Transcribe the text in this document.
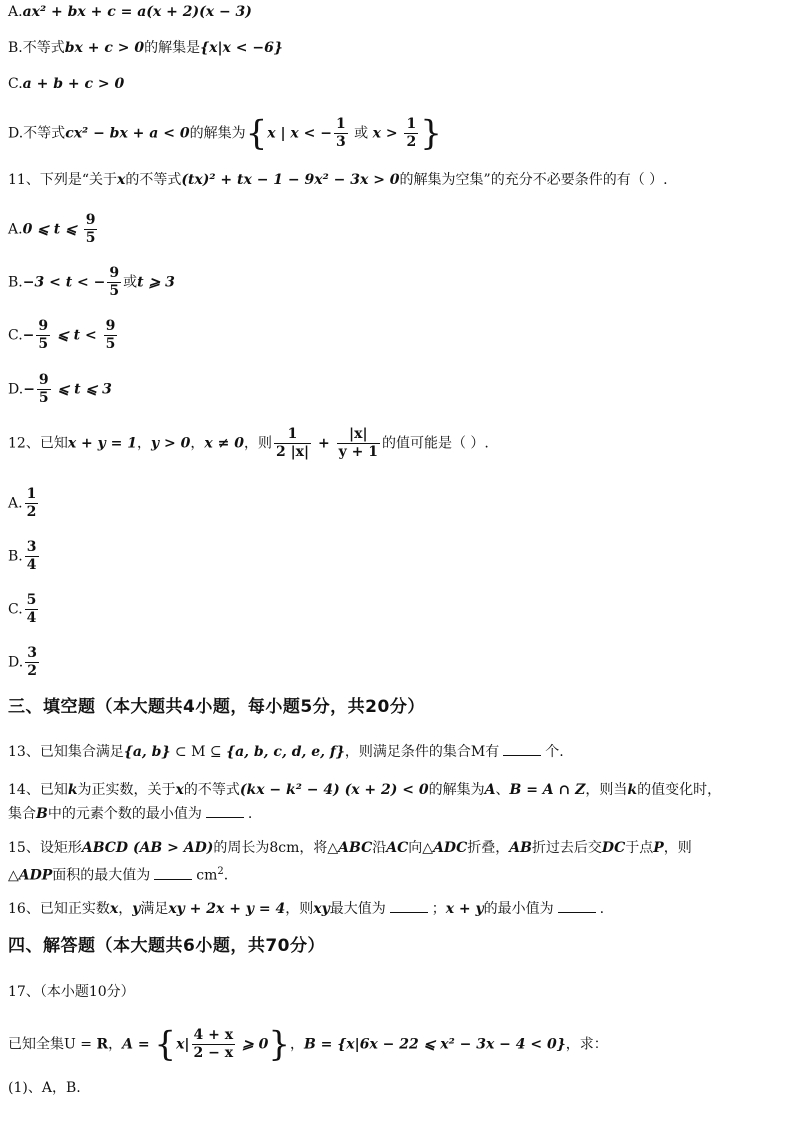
A.ax² + bx + c = a(x + 2)(x − 3)
B.不等式bx + c > 0的解集是{x|x < −6}
C.a + b + c > 0
D.不等式cx² − bx + a < 0的解集为{x | x < − $\frac{1}{3}$ 或 $x > \frac{1}{2}$ }
11、下列是“关于x的不等式(tx)² + tx − 1 − 9x² − 3x > 0的解集为空集”的充分不必要条件的有（ ）.
A.0 ⩽ t ⩽ $\frac{9}{5}$
B.−3 < t < − $\frac{9}{5}$ 或t ⩾ 3
$C.- \frac{9}{5}$ ⩽ $t < \frac{9}{5}$
$D.- \frac{9}{5}$ ⩽ t ⩽ 3
12、已知x + y = 1，y > 0，x ≠ 0，则 $\frac{1}{2 |x|} + \frac{|x|}{y + 1}$ 的值可能是（ ）.
A. $\frac{1}{2}$
B. $\frac{3}{4}$
C. $\frac{5}{4}$
D. $\frac{3}{2}$
三、填空题（本大题共4小题，每小题5分，共20分）
13、已知集合满足{a, b} ⊂ M ⊆ {a, b, c, d, e, f}，则满足条件的集合M有	个.
14、已知k为正实数，关于x的不等式(kx − k² − 4) (x + 2) < 0的解集为A、B = A ∩ Z，则当k的值变化时，
集合B中的元素个数的最小值为	.
15、设矩形ABCD (AB > AD)的周长为8cm，将△ABC沿AC向△ADC折叠，AB折过去后交DC于点P，则
△ADP面积的最大值为	$cm^2$.
16、已知正实数x，y满足xy + 2x + y = 4，则xy最大值为	；x + y的最小值为	.
四、解答题（本大题共6小题，共70分）
17、（本小题10分）
已知全集U = R，$A = \{x| \frac{4 + x}{2 - x}$ ⩾ 0}，B = {x|6x − 22 ⩽ x² − 3x − 4 < 0}，求：
(1)、A，B.
